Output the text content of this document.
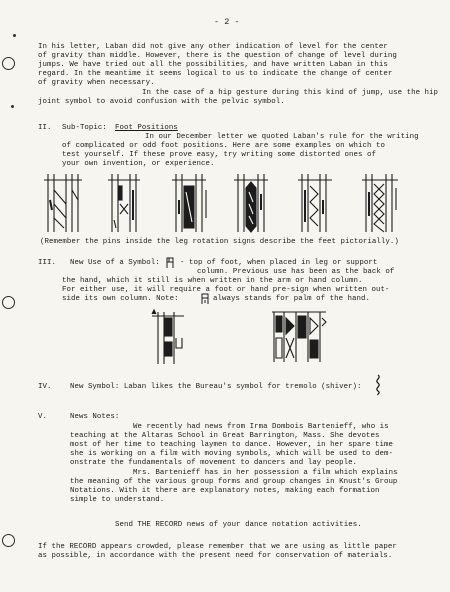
- 2 -
In his letter, Laban did not give any other indication of level for the center
of gravity than middle. However, there is the question of change of level during
jumps. We have tried out all the possibilities, and have written Laban in this
regard. In the meantime it seems logical to us to indicate the change of center
of gravity when necessary.
In the case of a hip gesture during this kind of jump, use the hip
joint symbol to avoid confusion with the pelvic symbol.
II. Sub-Topic: Foot Positions
In our December letter we quoted Laban's rule for the writing
of complicated or odd foot positions. Here are some examples on which to
test yourself. If these prove easy, try writing some distorted ones of
your own invention, or experience.
(Remember the pins inside the leg rotation signs describe the feet pictorially.)
III. New Use of a Symbol:	- top of foot, when placed in leg or support
column. Previous use has been as the back of
the hand, which it still is when written in the arm or hand column.
For either use, it will require a foot or hand pre-sign when written out-
side its own column. Note:	always stands for palm of the hand.
IV.	New Symbol: Laban likes the Bureau's symbol for tremolo (shiver):
V.	News Notes:
We recently had news from Irma Dombois Bartenieff, who is
teaching at the Altaras School in Great Barrington, Mass. She devotes
most of her time to teaching laymen to dance. However, in her spare time
she is working on a film with moving symbols, which will be used to dem-
onstrate the fundamentals of movement to dancers and lay people.
Mrs. Bartenieff has in her possession a film which explains
the meaning of the various group forms and group changes in Knust's Group
Notations. With it there are explanatory notes, making each formation
simple to understand.
Send THE RECORD news of your dance notation activities.
If the RECORD appears crowded, please remember that we are using as little paper
as possible, in accordance with the present need for conservation of materials.
